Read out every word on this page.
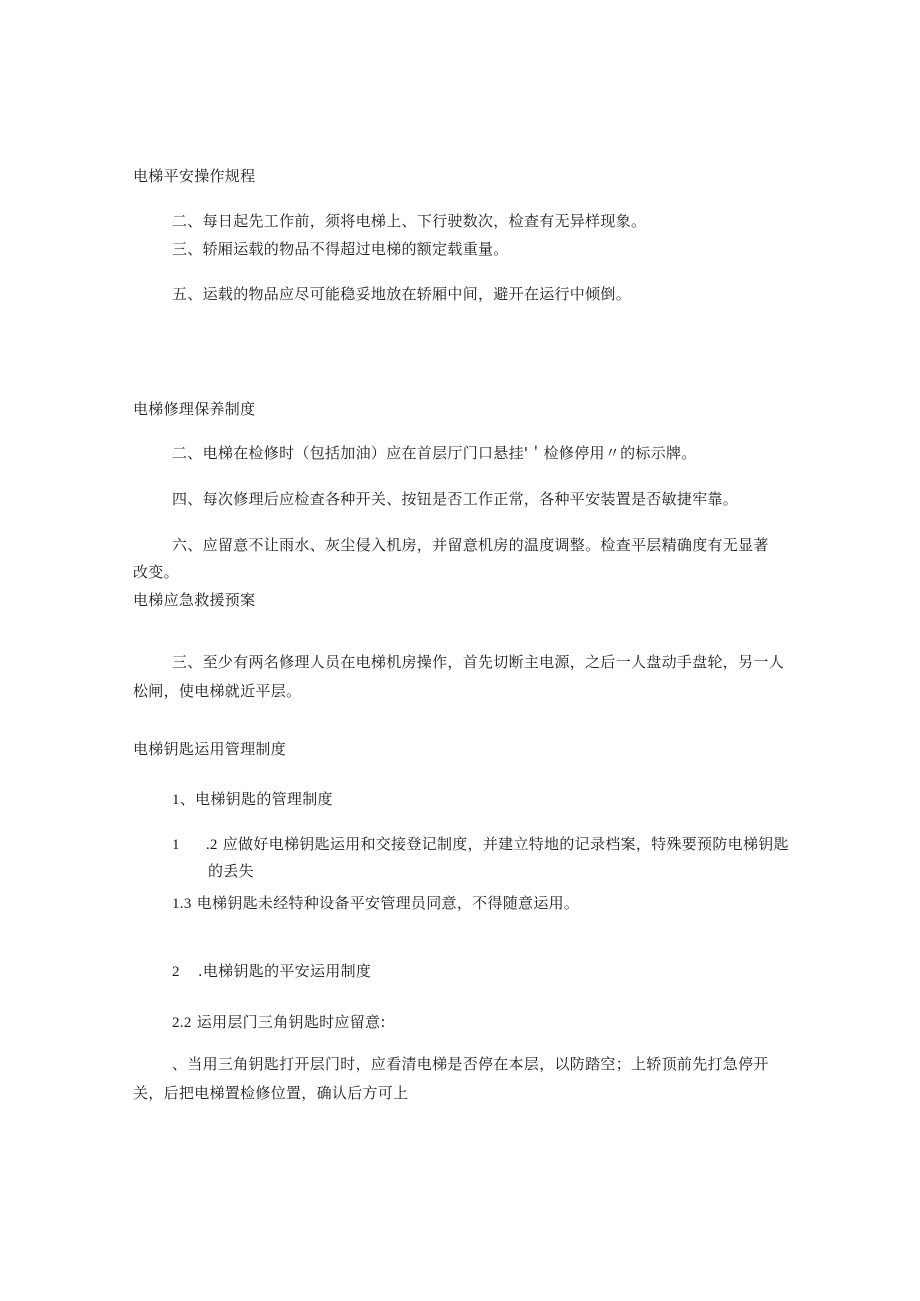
电梯平安操作规程
二、每日起先工作前，须将电梯上、下行驶数次，检查有无异样现象。
三、轿厢运载的物品不得超过电梯的额定载重量。
五、运载的物品应尽可能稳妥地放在轿厢中间，避开在运行中倾倒。
电梯修理保养制度
二、电梯在检修时（包括加油）应在首层厅门口悬挂'＇检修停用〃的标示牌。
四、每次修理后应检查各种开关、按钮是否工作正常，各种平安装置是否敏捷牢靠。
六、应留意不让雨水、灰尘侵入机房，并留意机房的温度调整。检查平层精确度有无显著
改变。
电梯应急救援预案
三、至少有两名修理人员在电梯机房操作，首先切断主电源，之后一人盘动手盘轮，另一人
松闸，使电梯就近平层。
电梯钥匙运用管理制度
1、电梯钥匙的管理制度
1 .2 应做好电梯钥匙运用和交接登记制度，并建立特地的记录档案，特殊要预防电梯钥匙
的丢失
1.3 电梯钥匙未经特种设备平安管理员同意，不得随意运用。
2 .电梯钥匙的平安运用制度
2.2 运用层门三角钥匙时应留意:
、当用三角钥匙打开层门时，应看清电梯是否停在本层，以防踏空；上轿顶前先打急停开
关，后把电梯置检修位置，确认后方可上
